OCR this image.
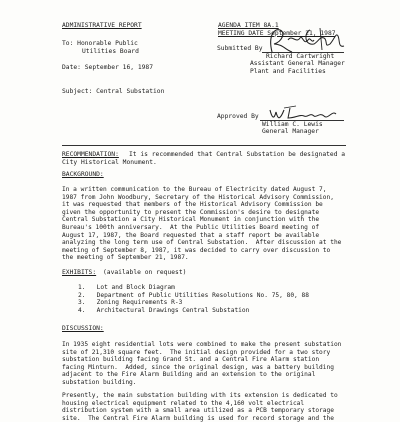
ADMINISTRATIVE REPORT
To: Honorable Public
Utilities Board
Date: September 16, 1987
Subject: Central Substation
AGENDA ITEM 8A.1
MEETING DATE September 21, 1987
Submitted By
Richard Cartwright
Assistant General Manager
Plant and Facilities
Approved By
William C. Lewis
General Manager
RECOMMENDATION: It is recommended that Central Substation be designated a
City Historical Monument.
BACKGROUND:
In a written communication to the Bureau of Electricity dated August 7,
1987 from John Woodbury, Secretary of the Historical Advisory Commission,
it was requested that members of the Historical Advisory Commission be
given the opportunity to present the Commission's desire to designate
Central Substation a City Historical Monument in conjunction with the
Bureau's 100th anniversary.  At the Public Utilities Board meeting of
August 17, 1987, the Board requested that a staff report be available
analyzing the long term use of Central Substation.  After discussion at the
meeting of September 8, 1987, it was decided to carry over discussion to
the meeting of September 21, 1987.
EXHIBITS: (available on request)
1.   Lot and Block Diagram
2.   Department of Public Utilities Resolutions No. 75, 80, 88
3.   Zoning Requirements R-3
4.   Architectural Drawings Central Substation
DISCUSSION:
In 1935 eight residential lots were combined to make the present substation
site of 21,310 square feet.  The initial design provided for a two story
substation building facing Grand St. and a Central Fire Alarm station
facing Minturn.  Added, since the original design, was a battery building
adjacent to the Fire Alarm Building and an extension to the original
substation building.
Presently, the main substation building with its extension is dedicated to
housing electrical equipment related to the 4,160 volt electrical
distribution system with a small area utilized as a PCB temporary storage
site.  The Central Fire Alarm building is used for record storage and the
